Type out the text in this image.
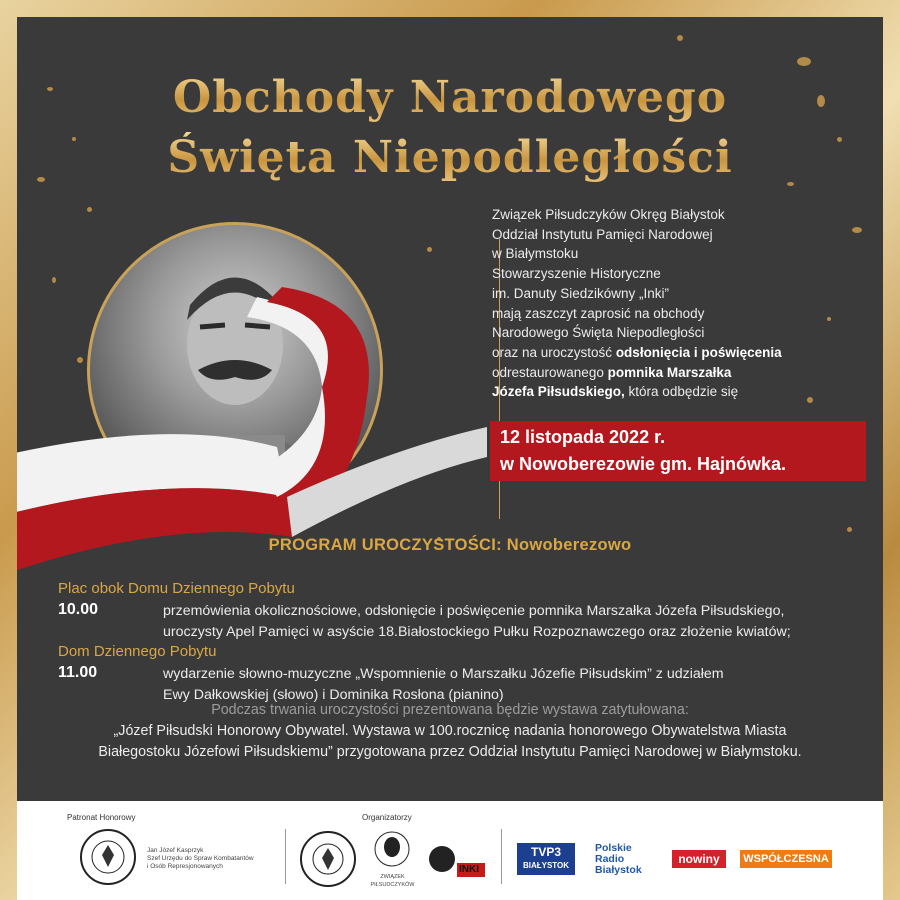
Obchody Narodowego
Święta Niepodległości
Związek Piłsudczyków Okręg Białystok
Oddział Instytutu Pamięci Narodowej
w Białymstoku
Stowarzyszenie Historyczne
im. Danuty Siedzikówny „Inki”
mają zaszczyt zaprosić na obchody
Narodowego Święta Niepodległości
oraz na uroczystość odsłonięcia i poświęcenia
odrestaurowanego pomnika Marszałka
Józefa Piłsudskiego, która odbędzie się
12 listopada 2022 r.
w Nowoberezowie gm. Hajnówka.
PROGRAM UROCZYSTOŚCI: Nowoberezowo
Plac obok Domu Dziennego Pobytu
10.00	przemówienia okolicznościowe, odsłonięcie i poświęcenie pomnika Marszałka Józefa Piłsudskiego,
uroczysty Apel Pamięci w asyście 18.Białostockiego Pułku Rozpoznawczego oraz złożenie kwiatów;
Dom Dziennego Pobytu
11.00	wydarzenie słowno-muzyczne „Wspomnienie o Marszałku Józefie Piłsudskim” z udziałem
Ewy Dałkowskiej (słowo) i Dominika Rosłona (pianino)
Podczas trwania uroczystości prezentowana będzie wystawa zatytułowana:
„Józef Piłsudski Honorowy Obywatel. Wystawa w 100.rocznicę nadania honorowego Obywatelstwa Miasta
Białegostoku Józefowi Piłsudskiemu” przygotowana przez Oddział Instytutu Pamięci Narodowej w Białymstoku.
Patronat Honorowy
Jan Józef Kasprzyk
Szef Urzędu do Spraw Kombatantów
i Osób Represjonowanych
Organizatorzy
ZWIĄZEK PIŁSUDCZYKÓW
INKI
TVP3
BIAŁYSTOK
Polskie
Radio
Białystok
nowiny	WSPÓŁCZESNA
